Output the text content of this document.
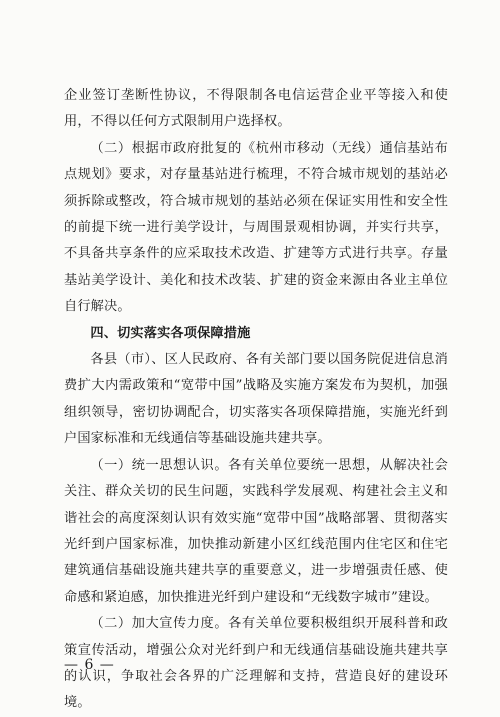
企业签订垄断性协议，不得限制各电信运营企业平等接入和使用，不得以任何方式限制用户选择权。

（二）根据市政府批复的《杭州市移动（无线）通信基站布点规划》要求，对存量基站进行梳理，不符合城市规划的基站必须拆除或整改，符合城市规划的基站必须在保证实用性和安全性的前提下统一进行美学设计，与周围景观相协调，并实行共享，不具备共享条件的应采取技术改造、扩建等方式进行共享。存量基站美学设计、美化和技术改装、扩建的资金来源由各业主单位自行解决。

四、切实落实各项保障措施

各县（市）、区人民政府、各有关部门要以国务院促进信息消费扩大内需政策和“宽带中国”战略及实施方案发布为契机，加强组织领导，密切协调配合，切实落实各项保障措施，实施光纤到户国家标准和无线通信等基础设施共建共享。

（一）统一思想认识。各有关单位要统一思想，从解决社会关注、群众关切的民生问题，实践科学发展观、构建社会主义和谐社会的高度深刻认识有效实施“宽带中国”战略部署、贯彻落实光纤到户国家标准，加快推动新建小区红线范围内住宅区和住宅建筑通信基础设施共建共享的重要意义，进一步增强责任感、使命感和紧迫感，加快推进光纤到户建设和“无线数字城市”建设。

（二）加大宣传力度。各有关单位要积极组织开展科普和政策宣传活动，增强公众对光纤到户和无线通信基础设施共建共享的认识，争取社会各界的广泛理解和支持，营造良好的建设环境。

— 6 —
